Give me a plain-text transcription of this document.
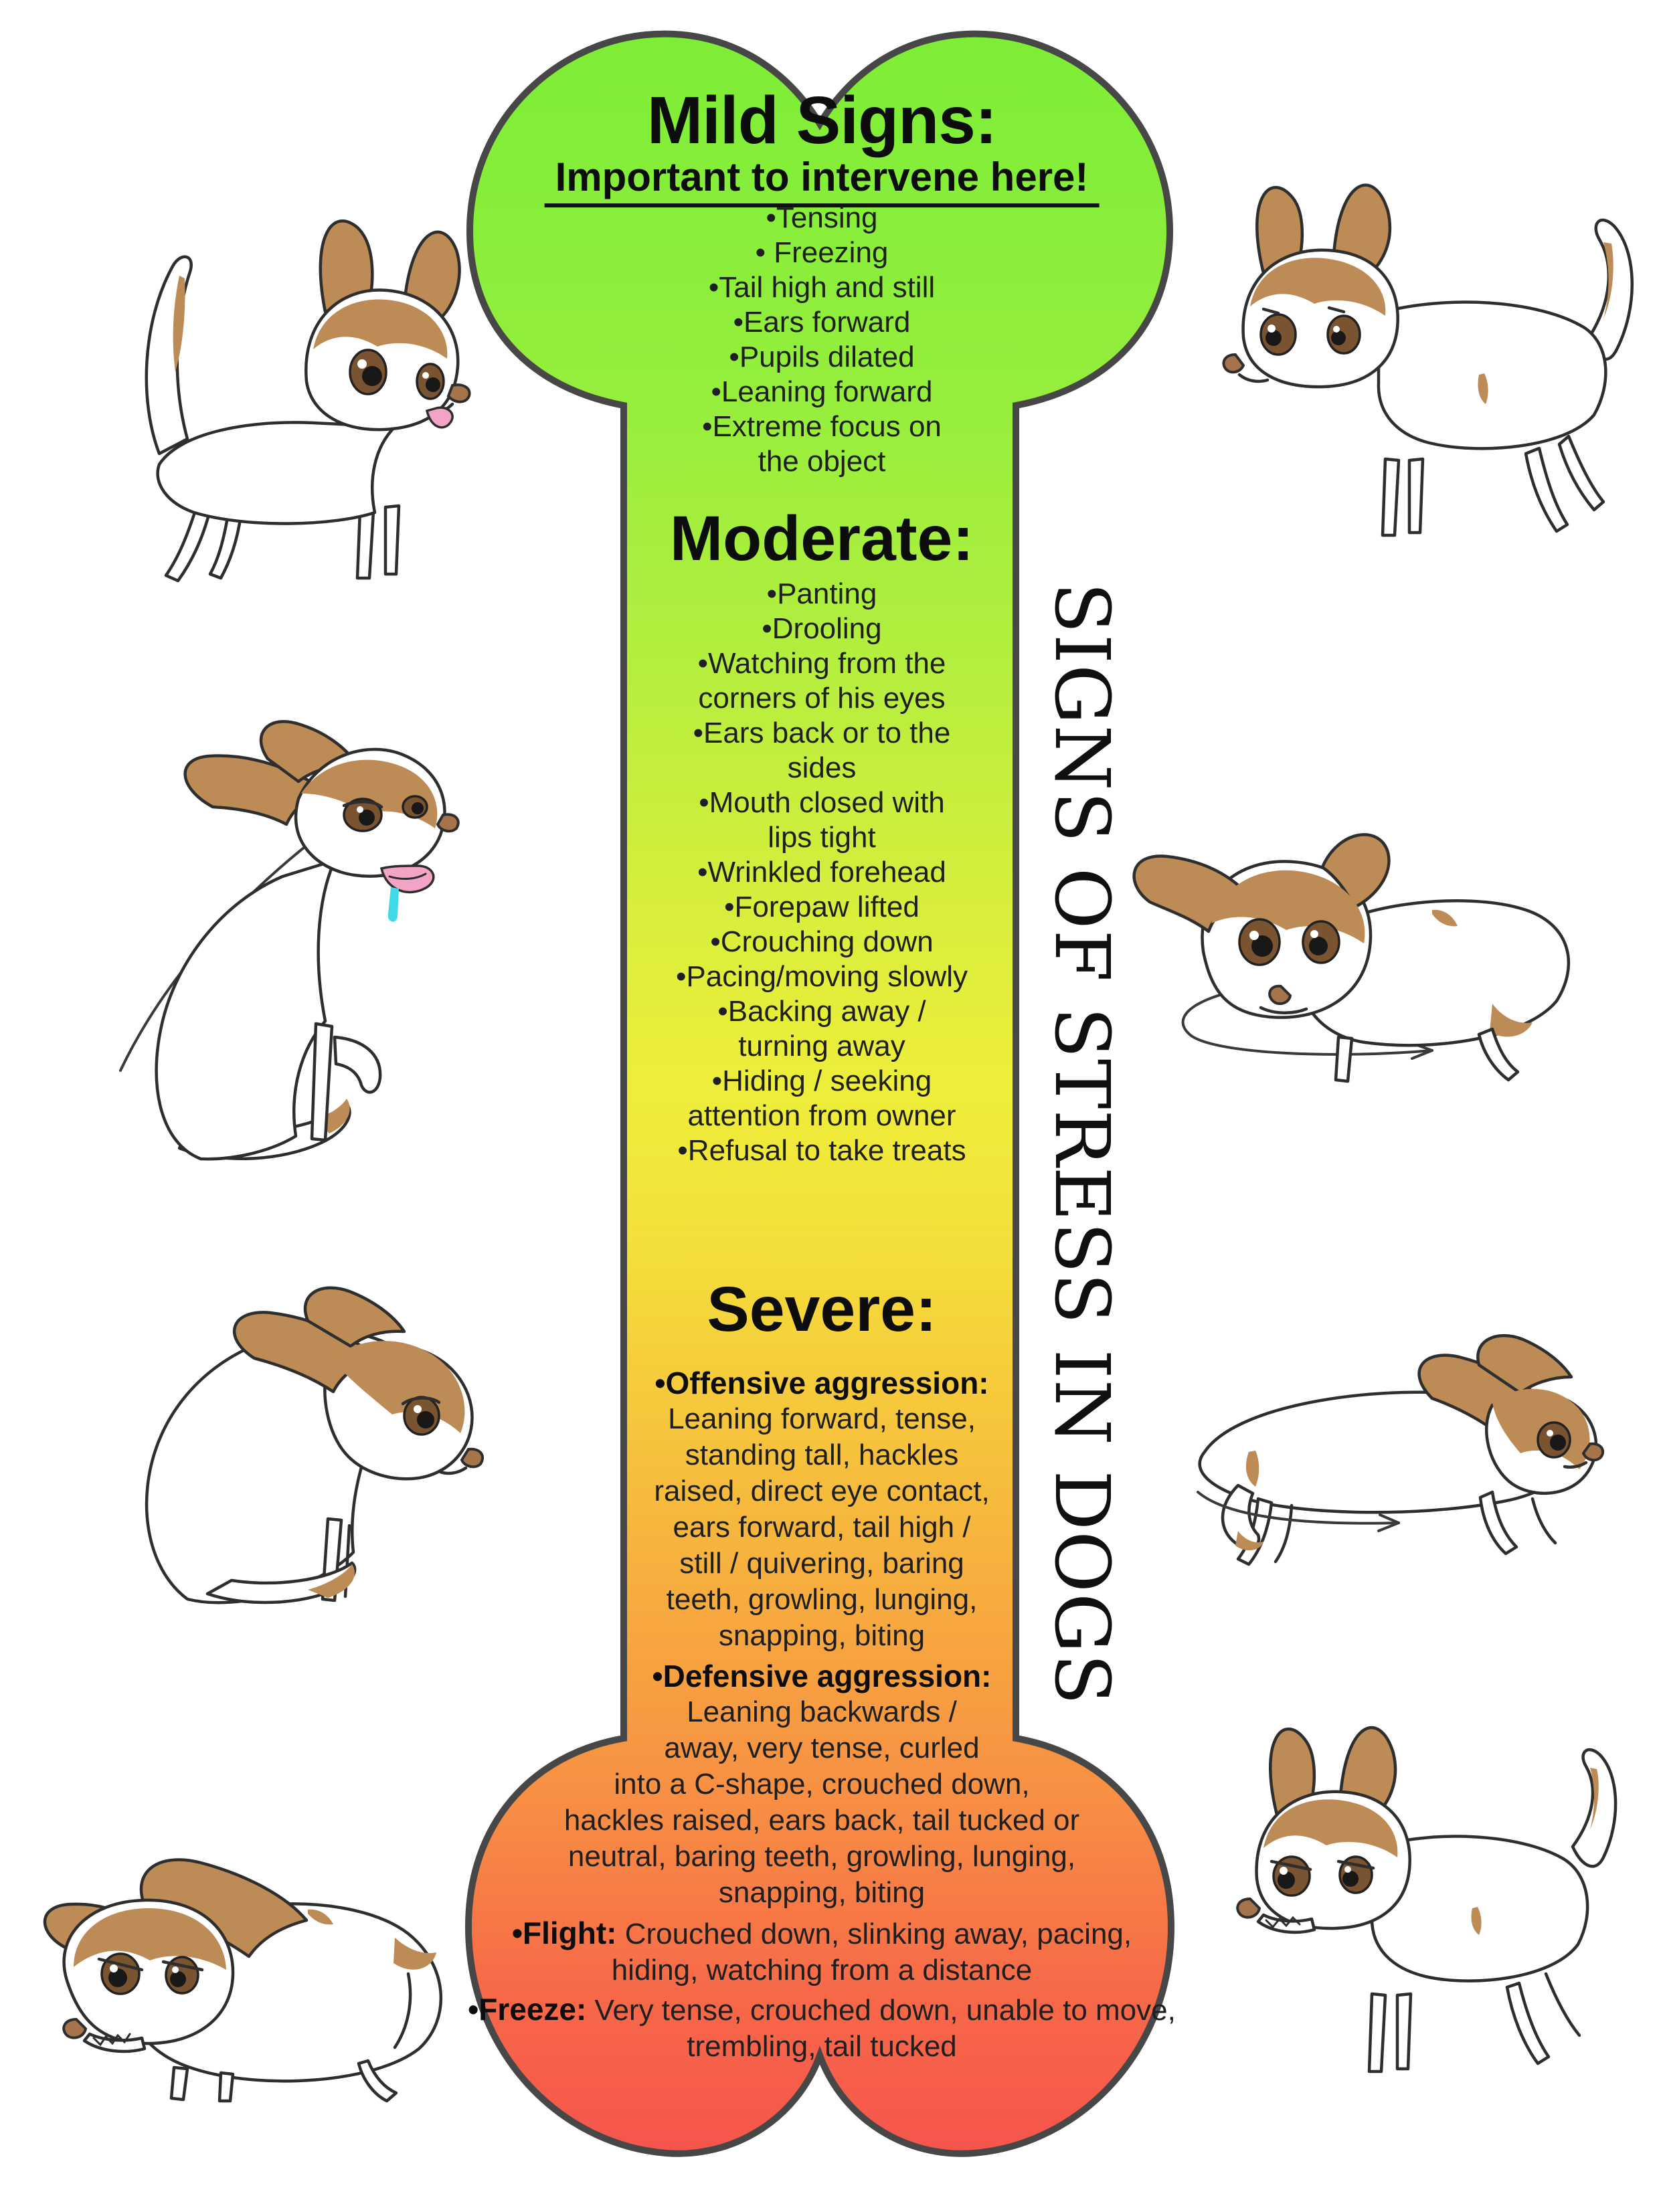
SIGNS OF STRESS IN DOGS
Mild Signs:
Important to intervene here!
•Tensing
• Freezing
•Tail high and still
•Ears forward
•Pupils dilated
•Leaning forward
•Extreme focus on the object
Moderate:
•Panting
•Drooling
•Watching from the corners of his eyes
•Ears back or to the sides
•Mouth closed with lips tight
•Wrinkled forehead
•Forepaw lifted
•Crouching down
•Pacing/moving slowly
•Backing away / turning away
•Hiding / seeking attention from owner
•Refusal to take treats
Severe:
•Offensive aggression:
Leaning forward, tense,
standing tall, hackles
raised, direct eye contact,
ears forward, tail high /
still / quivering, baring
teeth, growling, lunging,
snapping, biting
•Defensive aggression:
Leaning backwards /
away, very tense, curled
into a C-shape, crouched down,
hackles raised, ears back, tail tucked or
neutral, baring teeth, growling, lunging,
snapping, biting
•Flight: Crouched down, slinking away, pacing,
hiding, watching from a distance
•Freeze: Very tense, crouched down, unable to move,
trembling, tail tucked
